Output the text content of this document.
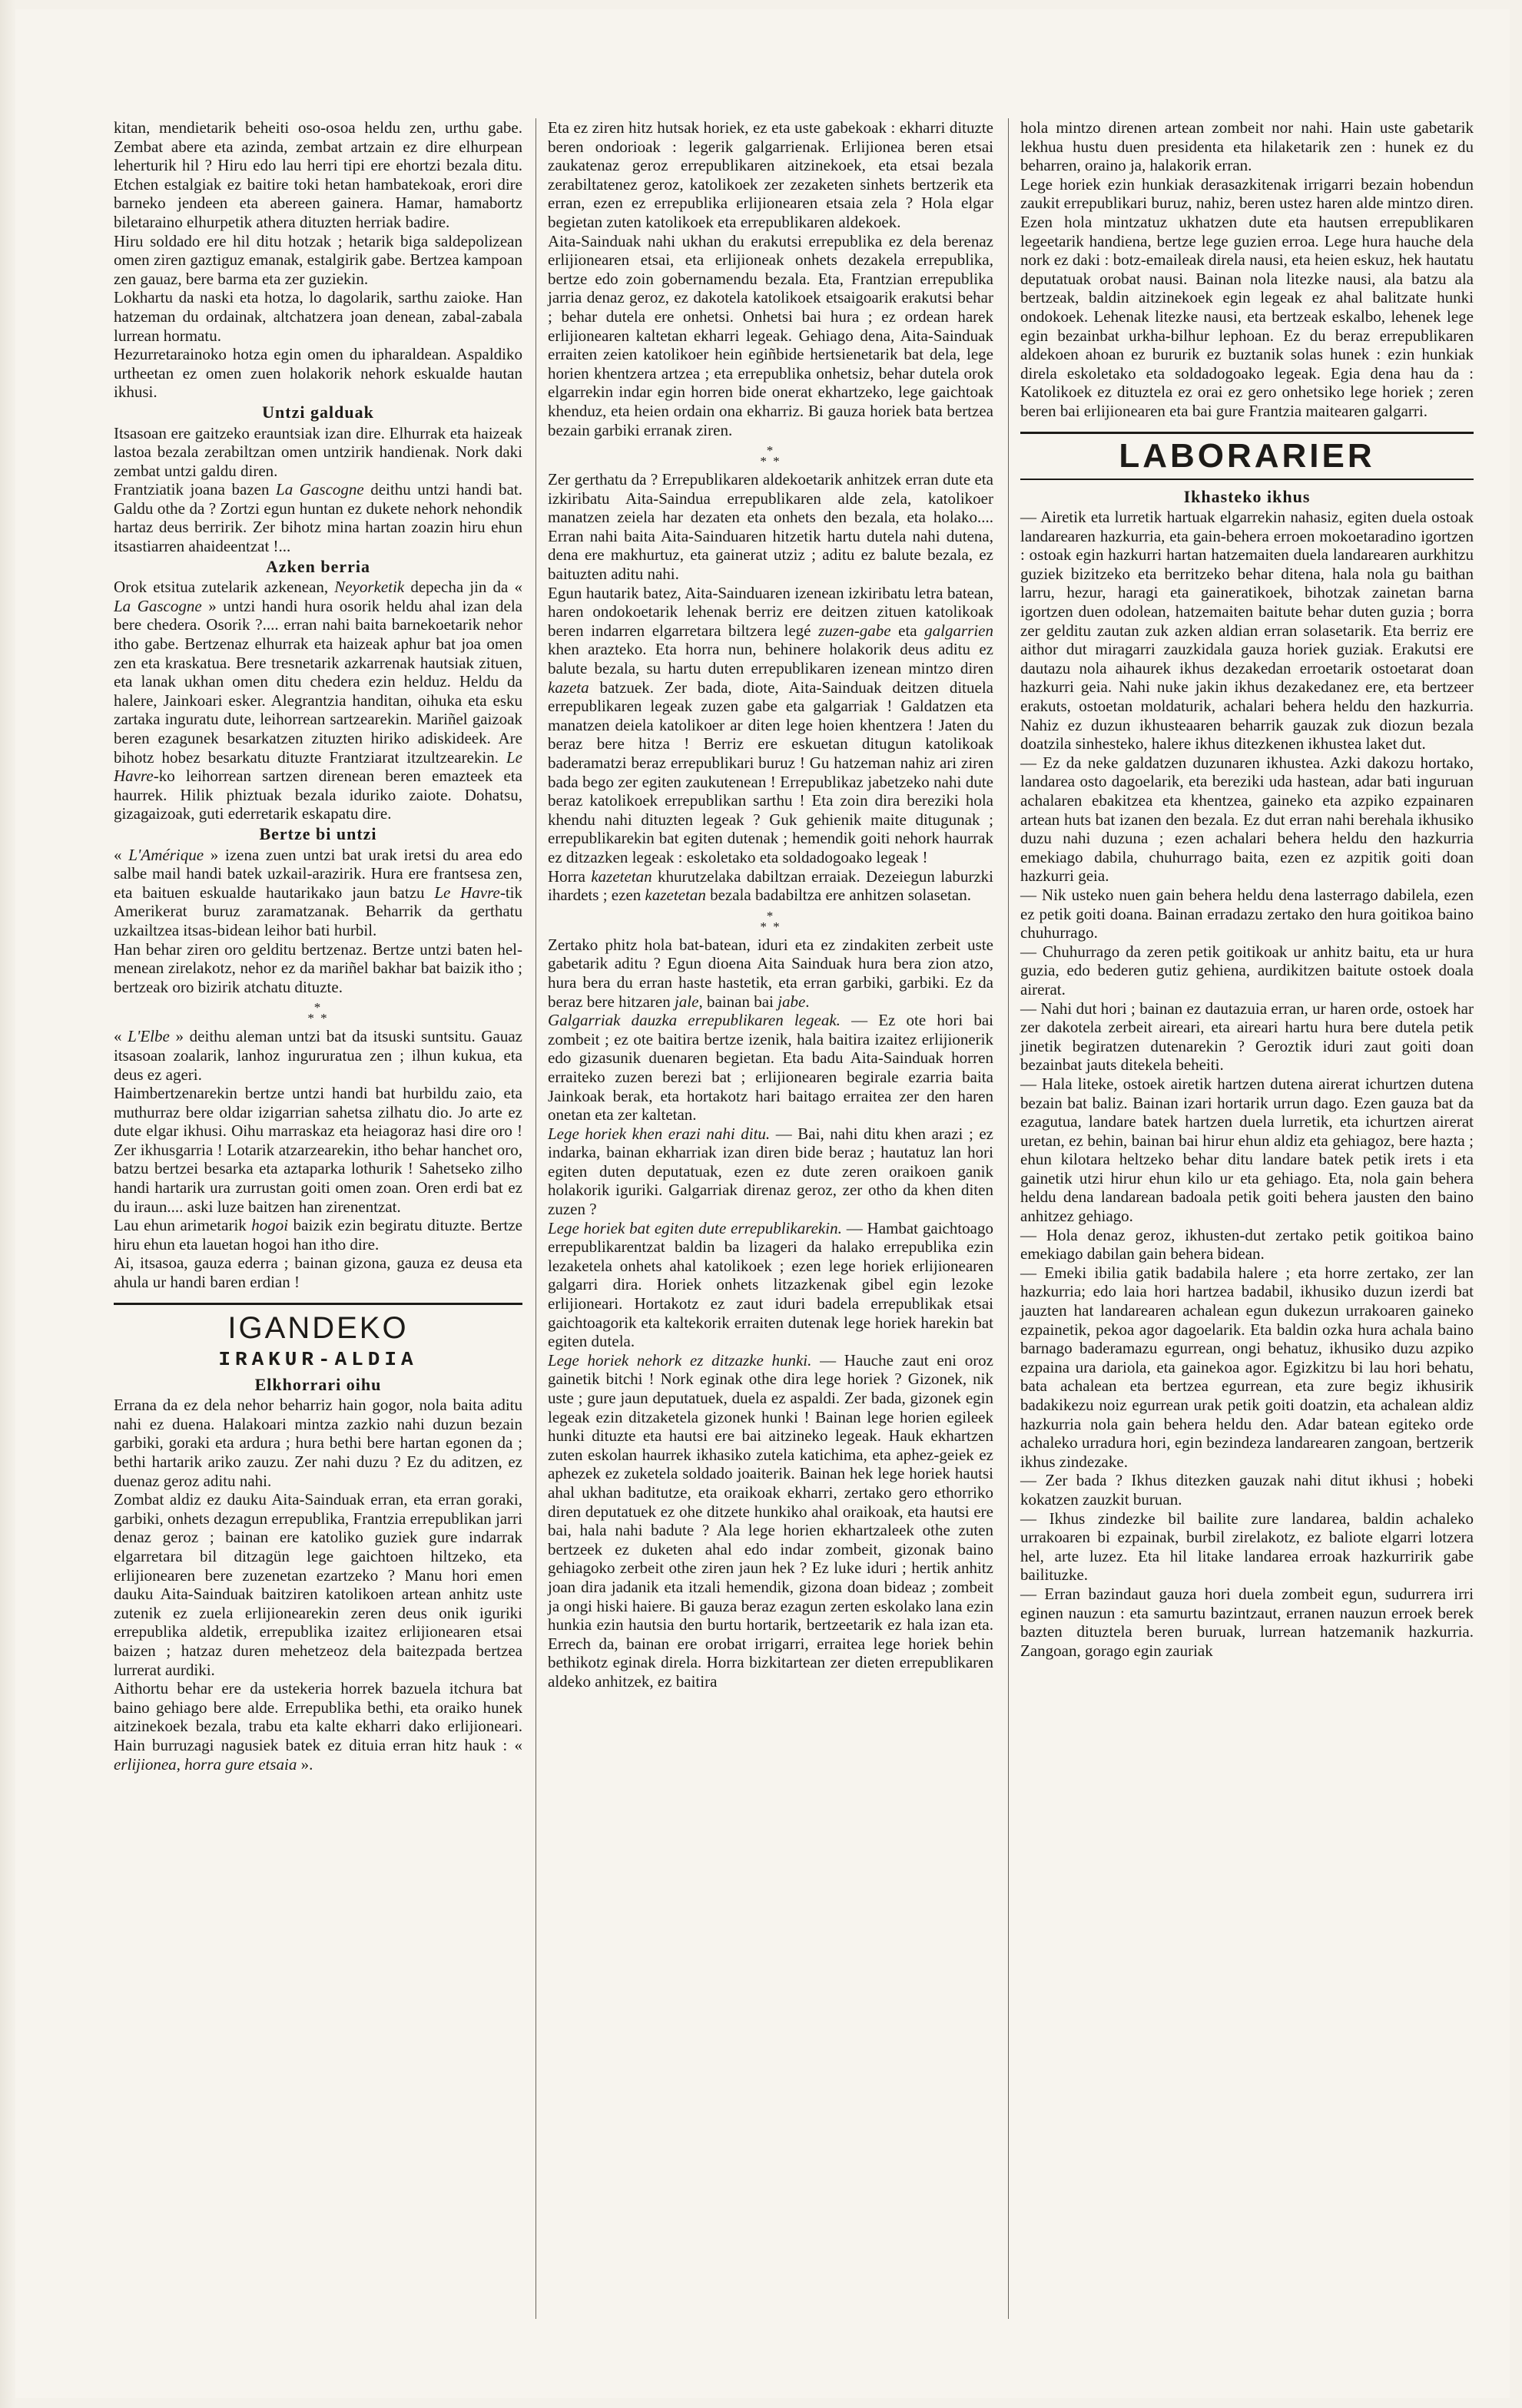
kitan, mendietarik beheiti oso-osoa heldu zen, urthu gabe. Zembat abere eta azinda, zembat artzain ez dire elhurpean leherturik hil ? Hiru edo lau herri tipi ere ehortzi bezala ditu. Etchen estalgiak ez baitire toki hetan hambatekoak, erori dire barneko jendeen eta abereen gainera. Hamar, hamabortz biletaraino elhurpetik athera dituzten herriak badire.

Hiru soldado ere hil ditu hotzak ; hetarik biga saldepolizean omen ziren gaztiguz emanak, estalgirik gabe. Bertzea kampoan zen gauaz, bere barma eta zer guziekin.

Lokhartu da naski eta hotza, lo dagolarik, sarthu zaioke. Han hatzeman du ordainak, altchatzera joan denean, zabal-zabala lurrean hormatu.

Hezurretarainoko hotza egin omen du ipharaldean. Aspaldiko urtheetan ez omen zuen holakorik nehork eskualde hautan ikhusi.

Untzi galduak

Itsasoan ere gaitzeko erauntsiak izan dire. Elhurrak eta haizeak lastoa bezala zerabiltzan omen untzirik handienak. Nork daki zembat untzi galdu diren.

Frantziatik joana bazen La Gascogne deithu untzi handi bat. Galdu othe da ? Zortzi egun huntan ez dukete nehork nehondik hartaz deus berririk. Zer bihotz mina hartan zoazin hiru ehun itsastiarren ahaideentzat !...

Azken berria

Orok etsitua zutelarik azkenean, Neyorketik depecha jin da « La Gascogne » untzi handi hura osorik heldu ahal izan dela bere chedera. Osorik ?.... erran nahi baita barnekoetarik nehor itho gabe. Bertzenaz elhurrak eta haizeak aphur bat joa omen zen eta kraskatua. Bere tresnetarik azkarrenak hautsiak zituen, eta lanak ukhan omen ditu chedera ezin helduz. Heldu da halere, Jainkoari esker. Alegrantzia handitan, oihuka eta esku zartaka inguratu dute, leihorrean sartzearekin. Mariñel gaizoak beren ezagunek besarkatzen zituzten hiriko adiskideek. Are bihotz hobez besarkatu dituzte Frantziarat itzultzearekin. Le Havre-ko leihorrean sartzen direnean beren emazteek eta haurrek. Hilik phiztuak bezala iduriko zaiote. Dohatsu, gizagaizoak, guti ederretarik eskapatu dire.

Bertze bi untzi

« L'Amérique » izena zuen untzi bat urak iretsi du area edo salbe mail handi batek uzkail-arazirik. Hura ere frantsesa zen, eta baituen eskualde hautarikako jaun batzu Le Havre-tik Amerikerat buruz zaramatzanak. Beharrik da gerthatu uzkailtzea itsas-bidean leihor bati hurbil.

Han behar ziren oro gelditu bertzenaz. Bertze untzi baten hel-menean zirelakotz, nehor ez da mariñel bakhar bat baizik itho ; bertzeak oro bizirik atchatu dituzte.

*
* *

« L'Elbe » deithu aleman untzi bat da itsuski suntsitu. Gauaz itsasoan zoalarik, lanhoz ingururatua zen ; ilhun kukua, eta deus ez ageri.

Haimbertzenarekin bertze untzi handi bat hurbildu zaio, eta muthurraz bere oldar izigarrian sahetsa zilhatu dio. Jo arte ez dute elgar ikhusi. Oihu marraskaz eta heiagoraz hasi dire oro ! Zer ikhusgarria ! Lotarik atzarzearekin, itho behar hanchet oro, batzu bertzei besarka eta aztaparka lothurik ! Sahetseko zilho handi hartarik ura zurrustan goiti omen zoan. Oren erdi bat ez du iraun.... aski luze baitzen han zirenentzat.

Lau ehun arimetarik hogoi baizik ezin begiratu dituzte. Bertze hiru ehun eta lauetan hogoi han itho dire.

Ai, itsasoa, gauza ederra ; bainan gizona, gauza ez deusa eta ahula ur handi baren erdian !

IGANDEKO

IRAKUR-ALDIA

Elkhorrari oihu

Errana da ez dela nehor beharriz hain gogor, nola baita aditu nahi ez duena. Halakoari mintza zazkio nahi duzun bezain garbiki, goraki eta ardura ; hura bethi bere hartan egonen da ; bethi hartarik ariko zauzu. Zer nahi duzu ? Ez du aditzen, ez duenaz geroz aditu nahi.

Zombat aldiz ez dauku Aita-Sainduak erran, eta erran goraki, garbiki, onhets dezagun errepublika, Frantzia errepublikan jarri denaz geroz ; bainan ere katoliko guziek gure indarrak elgarretara bil ditzagün lege gaichtoen hiltzeko, eta erlijionearen bere zuzenetan ezartzeko ? Manu hori emen dauku Aita-Sainduak baitziren katolikoen artean anhitz uste zutenik ez zuela erlijionearekin zeren deus onik iguriki errepublika aldetik, errepublika izaitez erlijionearen etsai baizen ; hatzaz duren mehetzeoz dela baitezpada bertzea lurrerat aurdiki.

Aithortu behar ere da ustekeria horrek bazuela itchura bat baino gehiago bere alde. Errepublika bethi, eta oraiko hunek aitzinekoek bezala, trabu eta kalte ekharri dako erlijioneari. Hain burruzagi nagusiek batek ez dituia erran hitz hauk : « erlijionea, horra gure etsaia ».

Eta ez ziren hitz hutsak horiek, ez eta uste gabekoak : ekharri dituzte beren ondorioak : legerik galgarrienak. Erlijionea beren etsai zaukatenaz geroz errepublikaren aitzinekoek, eta etsai bezala zerabiltatenez geroz, katolikoek zer zezaketen sinhets bertzerik eta erran, ezen ez errepublika erlijionearen etsaia zela ? Hola elgar begietan zuten katolikoek eta errepublikaren aldekoek.

Aita-Sainduak nahi ukhan du erakutsi errepublika ez dela berenaz erlijionearen etsai, eta erlijioneak onhets dezakela errepublika, bertze edo zoin gobernamendu bezala. Eta, Frantzian errepublika jarria denaz geroz, ez dakotela katolikoek etsaigoarik erakutsi behar ; behar dutela ere onhetsi. Onhetsi bai hura ; ez ordean harek erlijionearen kaltetan ekharri legeak. Gehiago dena, Aita-Sainduak erraiten zeien katolikoer hein egiñbide hertsienetarik bat dela, lege horien khentzera artzea ; eta errepublika onhetsiz, behar dutela orok elgarrekin indar egin horren bide onerat ekhartzeko, lege gaichtoak khenduz, eta heien ordain ona ekharriz. Bi gauza horiek bata bertzea bezain garbiki erranak ziren.

*
* *

Zer gerthatu da ? Errepublikaren aldekoetarik anhitzek erran dute eta izkiribatu Aita-Saindua errepublikaren alde zela, katolikoer manatzen zeiela har dezaten eta onhets den bezala, eta holako.... Erran nahi baita Aita-Sainduaren hitzetik hartu dutela nahi dutena, dena ere makhurtuz, eta gainerat utziz ; aditu ez balute bezala, ez baituzten aditu nahi.

Egun hautarik batez, Aita-Sainduaren izenean izkiribatu letra batean, haren ondokoetarik lehenak berriz ere deitzen zituen katolikoak beren indarren elgarretara biltzera legé zuzen-gabe eta galgarrien khen arazteko. Eta horra nun, behinere holakorik deus aditu ez balute bezala, su hartu duten errepublikaren izenean mintzo diren kazeta batzuek. Zer bada, diote, Aita-Sainduak deitzen dituela errepublikaren legeak zuzen gabe eta galgarriak ! Galdatzen eta manatzen deiela katolikoer ar diten lege hoien khentzera ! Jaten du beraz bere hitza ! Berriz ere eskuetan ditugun katolikoak baderamatzi beraz errepublikari buruz ! Gu hatzeman nahiz ari ziren bada bego zer egiten zaukutenean ! Errepublikaz jabetzeko nahi dute beraz katolikoek errepublikan sarthu ! Eta zoin dira bereziki hola khendu nahi dituzten legeak ? Guk gehienik maite ditugunak ; errepublikarekin bat egiten dutenak ; hemendik goiti nehork haurrak ez ditzazken legeak : eskoletako eta soldadogoako legeak !

Horra kazetetan khurutzelaka dabiltzan erraiak. Dezeiegun laburzki ihardets ; ezen kazetetan bezala badabiltza ere anhitzen solasetan.

*
* *

Zertako phitz hola bat-batean, iduri eta ez zindakiten zerbeit uste gabetarik aditu ? Egun dioena Aita Sainduak hura bera zion atzo, hura bera du erran haste hastetik, eta erran garbiki, garbiki. Ez da beraz bere hitzaren jale, bainan bai jabe.

Galgarriak dauzka errepublikaren legeak. — Ez ote hori bai zombeit ; ez ote baitira bertze izenik, hala baitira izaitez erlijionerik edo gizasunik duenaren begietan. Eta badu Aita-Sainduak horren erraiteko zuzen berezi bat ; erlijionearen begirale ezarria baita Jainkoak berak, eta hortakotz hari baitago erraitea zer den haren onetan eta zer kaltetan.

Lege horiek khen erazi nahi ditu. — Bai, nahi ditu khen arazi ; ez indarka, bainan ekharriak izan diren bide beraz ; hautatuz lan hori egiten duten deputatuak, ezen ez dute zeren oraikoen ganik holakorik iguriki. Galgarriak direnaz geroz, zer otho da khen diten zuzen ?

Lege horiek bat egiten dute errepublikarekin. — Hambat gaichtoago errepublikarentzat baldin ba lizageri da halako errepublika ezin lezaketela onhets ahal katolikoek ; ezen lege horiek erlijionearen galgarri dira. Horiek onhets litzazkenak gibel egin lezoke erlijioneari. Hortakotz ez zaut iduri badela errepublikak etsai gaichtoagorik eta kaltekorik erraiten dutenak lege horiek harekin bat egiten dutela.

Lege horiek nehork ez ditzazke hunki. — Hauche zaut eni oroz gainetik bitchi ! Nork eginak othe dira lege horiek ? Gizonek, nik uste ; gure jaun deputatuek, duela ez aspaldi. Zer bada, gizonek egin legeak ezin ditzaketela gizonek hunki ! Bainan lege horien egileek hunki dituzte eta hautsi ere bai aitzineko legeak. Hauk ekhartzen zuten eskolan haurrek ikhasiko zutela katichima, eta aphez-geiek ez aphezek ez zuketela soldado joaiterik. Bainan hek lege horiek hautsi ahal ukhan baditutze, eta oraikoak ekharri, zertako gero ethorriko diren deputatuek ez ohe ditzete hunkiko ahal oraikoak, eta hautsi ere bai, hala nahi badute ? Ala lege horien ekhartzaleek othe zuten bertzeek ez duketen ahal edo indar zombeit, gizonak baino gehiagoko zerbeit othe ziren jaun hek ? Ez luke iduri ; hertik anhitz joan dira jadanik eta itzali hemendik, gizona doan bideaz ; zombeit ja ongi hiski haiere. Bi gauza beraz ezagun zerten eskolako lana ezin hunkia ezin hautsia den burtu hortarik, bertzeetarik ez hala izan eta. Errech da, bainan ere orobat irrigarri, erraitea lege horiek behin bethikotz eginak direla. Horra bizkitartean zer dieten errepublikaren aldeko anhitzek, ez baitira

hola mintzo direnen artean zombeit nor nahi. Hain uste gabetarik lekhua hustu duen presidenta eta hilaketarik zen : hunek ez du beharren, oraino ja, halakorik erran.

Lege horiek ezin hunkiak derasazkitenak irrigarri bezain hobendun zaukit errepublikari buruz, nahiz, beren ustez haren alde mintzo diren. Ezen hola mintzatuz ukhatzen dute eta hautsen errepublikaren legeetarik handiena, bertze lege guzien erroa. Lege hura hauche dela nork ez daki : botz-emaileak direla nausi, eta heien eskuz, hek hautatu deputatuak orobat nausi. Bainan nola litezke nausi, ala batzu ala bertzeak, baldin aitzinekoek egin legeak ez ahal balitzate hunki ondokoek. Lehenak litezke nausi, eta bertzeak eskalbo, lehenek lege egin bezainbat urkha-bilhur lephoan. Ez du beraz errepublikaren aldekoen ahoan ez bururik ez buztanik solas hunek : ezin hunkiak direla eskoletako eta soldadogoako legeak. Egia dena hau da : Katolikoek ez dituztela ez orai ez gero onhetsiko lege horiek ; zeren beren bai erlijionearen eta bai gure Frantzia maitearen galgarri.

LABORARIER

Ikhasteko ikhus

— Airetik eta lurretik hartuak elgarrekin nahasiz, egiten duela ostoak landarearen hazkurria, eta gain-behera erroen mokoetaradino igortzen : ostoak egin hazkurri hartan hatzemaiten duela landarearen aurkhitzu guziek bizitzeko eta berritzeko behar ditena, hala nola gu baithan larru, hezur, haragi eta gaineratikoek, bihotzak zainetan barna igortzen duen odolean, hatzemaiten baitute behar duten guzia ; borra zer gelditu zautan zuk azken aldian erran solasetarik. Eta berriz ere aithor dut miragarri zauzkidala gauza horiek guziak. Erakutsi ere dautazu nola aihaurek ikhus dezakedan erroetarik ostoetarat doan hazkurri geia. Nahi nuke jakin ikhus dezakedanez ere, eta bertzeer erakuts, ostoetan moldaturik, achalari behera heldu den hazkurria. Nahiz ez duzun ikhusteaaren beharrik gauzak zuk diozun bezala doatzila sinhesteko, halere ikhus ditezkenen ikhustea laket dut.

— Ez da neke galdatzen duzunaren ikhustea. Azki dakozu hortako, landarea osto dagoelarik, eta bereziki uda hastean, adar bati inguruan achalaren ebakitzea eta khentzea, gaineko eta azpiko ezpainaren artean huts bat izanen den bezala. Ez dut erran nahi berehala ikhusiko duzu nahi duzuna ; ezen achalari behera heldu den hazkurria emekiago dabila, chuhurrago baita, ezen ez azpitik goiti doan hazkurri geia.

— Nik usteko nuen gain behera heldu dena lasterrago dabilela, ezen ez petik goiti doana. Bainan erradazu zertako den hura goitikoa baino chuhurrago.

— Chuhurrago da zeren petik goitikoak ur anhitz baitu, eta ur hura guzia, edo bederen gutiz gehiena, aurdikitzen baitute ostoek doala airerat.

— Nahi dut hori ; bainan ez dautazuia erran, ur haren orde, ostoek har zer dakotela zerbeit aireari, eta aireari hartu hura bere dutela petik jinetik begiratzen dutenarekin ? Geroztik iduri zaut goiti doan bezainbat jauts ditekela beheiti.

— Hala liteke, ostoek airetik hartzen dutena airerat ichurtzen dutena bezain bat baliz. Bainan izari hortarik urrun dago. Ezen gauza bat da ezagutua, landare batek hartzen duela lurretik, eta ichurtzen airerat uretan, ez behin, bainan bai hirur ehun aldiz eta gehiagoz, bere hazta ; ehun kilotara heltzeko behar ditu landare batek petik irets i eta gainetik utzi hirur ehun kilo ur eta gehiago. Eta, nola gain behera heldu dena landarean badoala petik goiti behera jausten den baino anhitzez gehiago.

— Hola denaz geroz, ikhusten-dut zertako petik goitikoa baino emekiago dabilan gain behera bidean.

— Emeki ibilia gatik badabila halere ; eta horre zertako, zer lan hazkurria; edo laia hori hartzea badabil, ikhusiko duzun izerdi bat jauzten hat landarearen achalean egun dukezun urrakoaren gaineko ezpainetik, pekoa agor dagoelarik. Eta baldin ozka hura achala baino barnago baderamazu egurrean, ongi behatuz, ikhusiko duzu azpiko ezpaina ura dariola, eta gainekoa agor. Egizkitzu bi lau hori behatu, bata achalean eta bertzea egurrean, eta zure begiz ikhusirik badakikezu noiz egurrean urak petik goiti doatzin, eta achalean aldiz hazkurria nola gain behera heldu den. Adar batean egiteko orde achaleko urradura hori, egin bezindeza landarearen zangoan, bertzerik ikhus zindezake.

— Zer bada ? Ikhus ditezken gauzak nahi ditut ikhusi ; hobeki kokatzen zauzkit buruan.

— Ikhus zindezke bil bailite zure landarea, baldin achaleko urrakoaren bi ezpainak, burbil zirelakotz, ez baliote elgarri lotzera hel, arte luzez. Eta hil litake landarea erroak hazkurririk gabe bailituzke.

— Erran bazindaut gauza hori duela zombeit egun, sudurrera irri eginen nauzun : eta samurtu bazintzaut, erranen nauzun erroek berek bazten dituztela beren buruak, lurrean hatzemanik hazkurria. Zangoan, gorago egin zauriak
